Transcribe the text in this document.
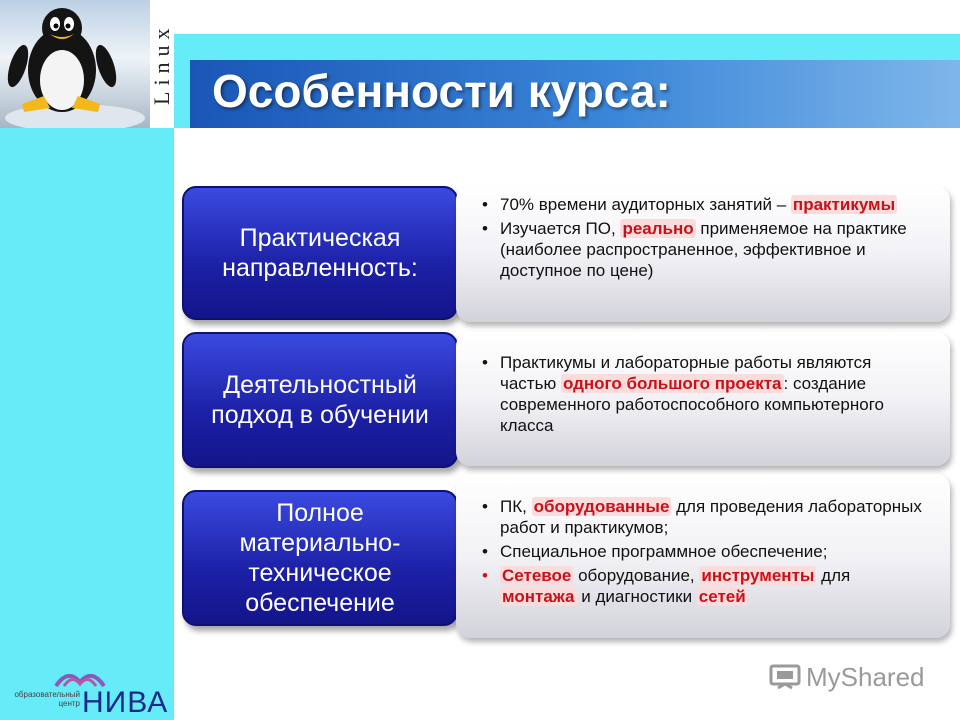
Linux Особенности курса:
Практическая направленность:
• 70% времени аудиторных занятий – практикумы
• Изучается ПО, реально применяемое на практике (наиболее распространенное, эффективное и доступное по цене)
Деятельностный подход в обучении
• Практикумы и лабораторные работы являются частью одного большого проекта : создание современного работоспособного компьютерного класса
Полное материально-техническое обеспечение
• ПК, оборудованные для проведения лабораторных работ и практикумов;
• Специальное программное обеспечение;
• Сетевое оборудование, инструменты для монтажа и диагностики сетей
образовательный центр НИВА
MyShared
